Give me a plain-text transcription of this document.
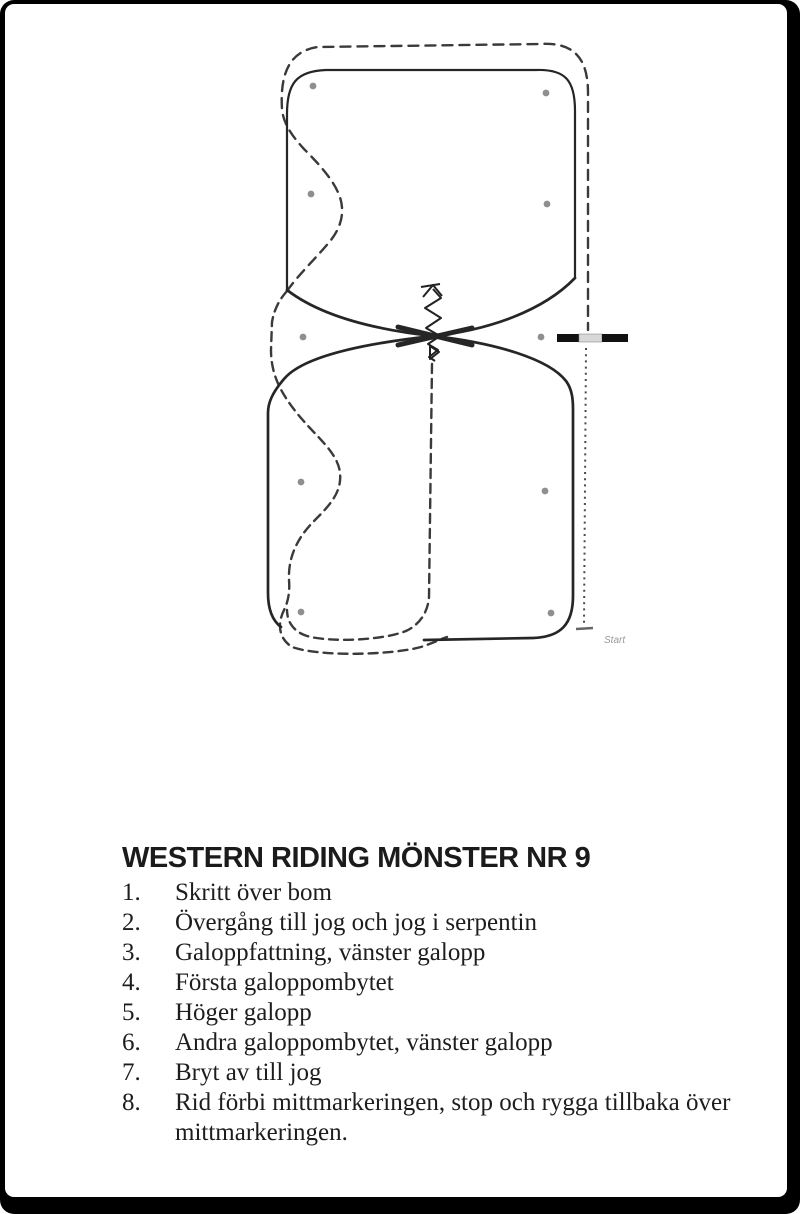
Start
WESTERN RIDING MÖNSTER NR 9
1.	Skritt över bom
2.	Övergång till jog och jog i serpentin
3.	Galoppfattning, vänster galopp
4.	Första galoppombytet
5.	Höger galopp
6.	Andra galoppombytet, vänster galopp
7.	Bryt av till jog
8.	Rid förbi mittmarkeringen, stop och rygga tillbaka över mittmarkeringen.
